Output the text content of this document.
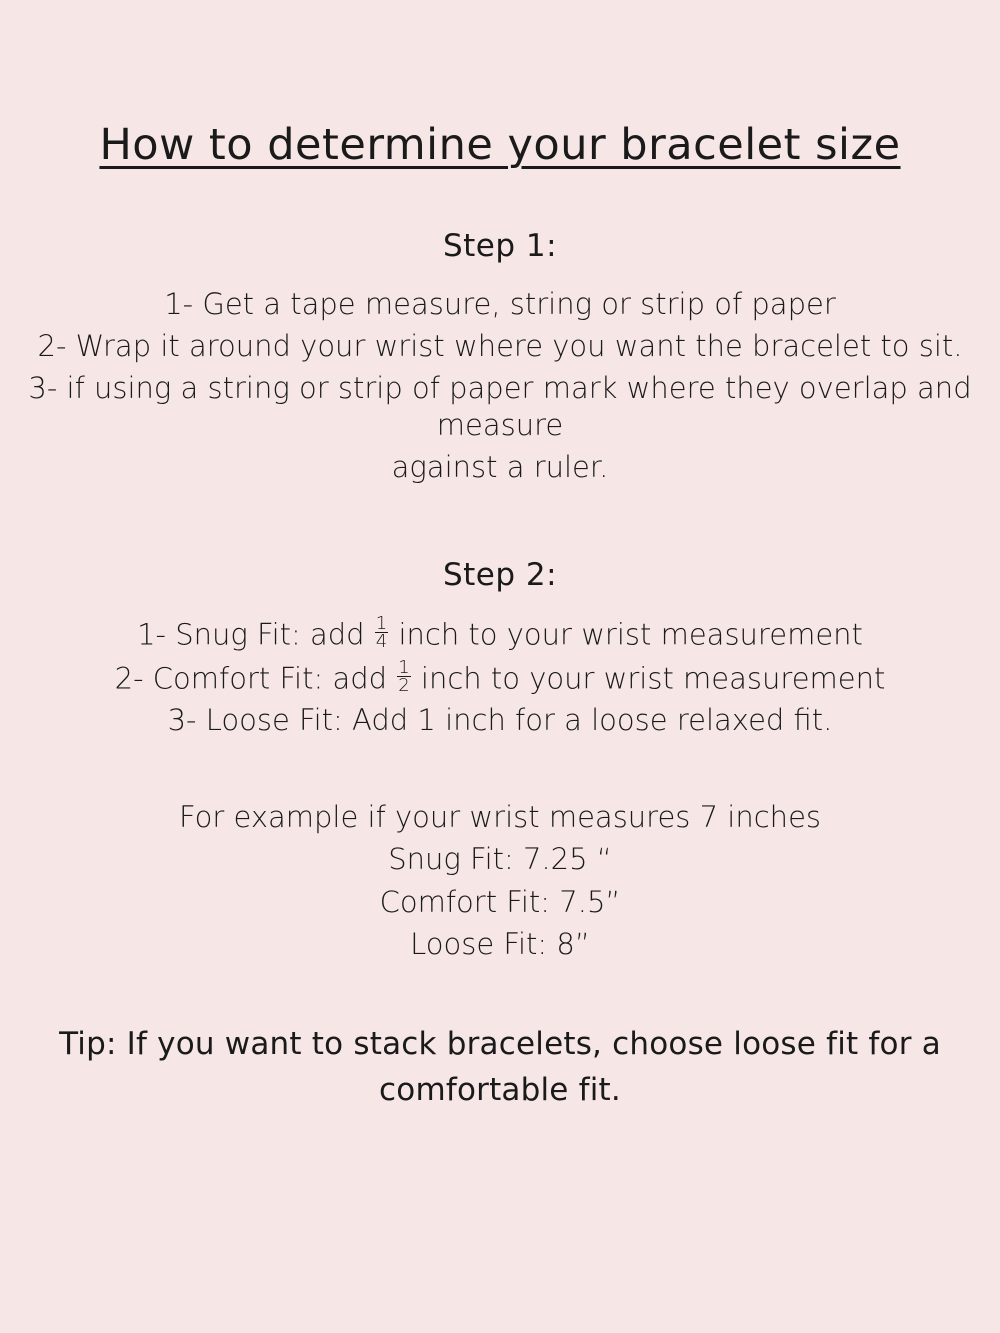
How to determine your bracelet size
Step 1:

1- Get a tape measure, string or strip of paper

2- Wrap it around your wrist where you want the bracelet to sit.

3- if using a string or strip of paper mark where they overlap and measure

against a ruler.

Step 2:

1- Snug Fit: add $\frac{1}{4}$ inch to your wrist measurement

2- Comfort Fit: add $\frac{1}{2}$ inch to your wrist measurement

3- Loose Fit: Add 1 inch for a loose relaxed fit.

For example if your wrist measures 7 inches

Snug Fit: 7.25 “

Comfort Fit: 7.5”

Loose Fit: 8”

Tip: If you want to stack bracelets, choose loose fit for a comfortable fit.
